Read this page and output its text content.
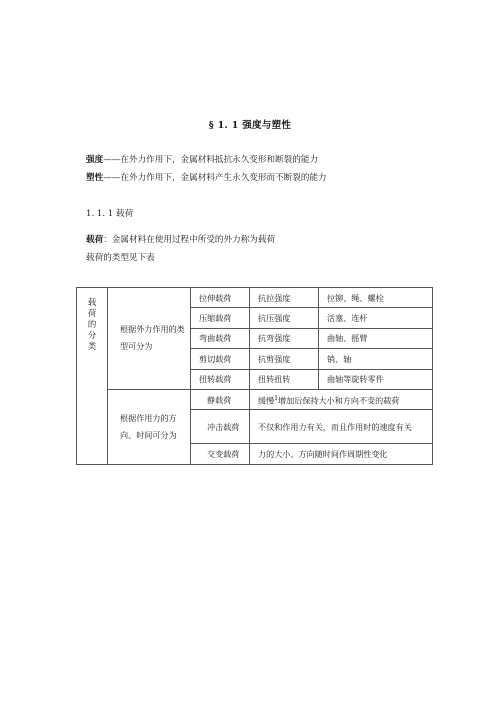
§ 1. 1 强度与塑性
强度——在外力作用下，金属材料抵抗永久变形和断裂的能力
塑性——在外力作用下，金属材料产生永久变形而不断裂的能力
1. 1. 1 载荷
载荷：金属材料在使用过程中所受的外力称为载荷
载荷的类型见下表
载荷的分类	根据外力作用的类型可分为	拉伸载荷	抗拉强度	拉铆、绳、螺栓
		压缩载荷	抗压强度	活塞、连杆
		弯曲载荷	抗弯强度	曲轴、摇臂
		剪切载荷	抗剪强度	销、轴
		扭转载荷	扭转扭转	曲轴等旋转零件
	根据作用力的方向、时间可分为	静载荷	缓慢$^1$增加后保持大小和方向不变的载荷	
		冲击载荷	不仅和作用力有关，而且作用时的速度有关	
		交变载荷	力的大小、方向随时间作周期性变化	
